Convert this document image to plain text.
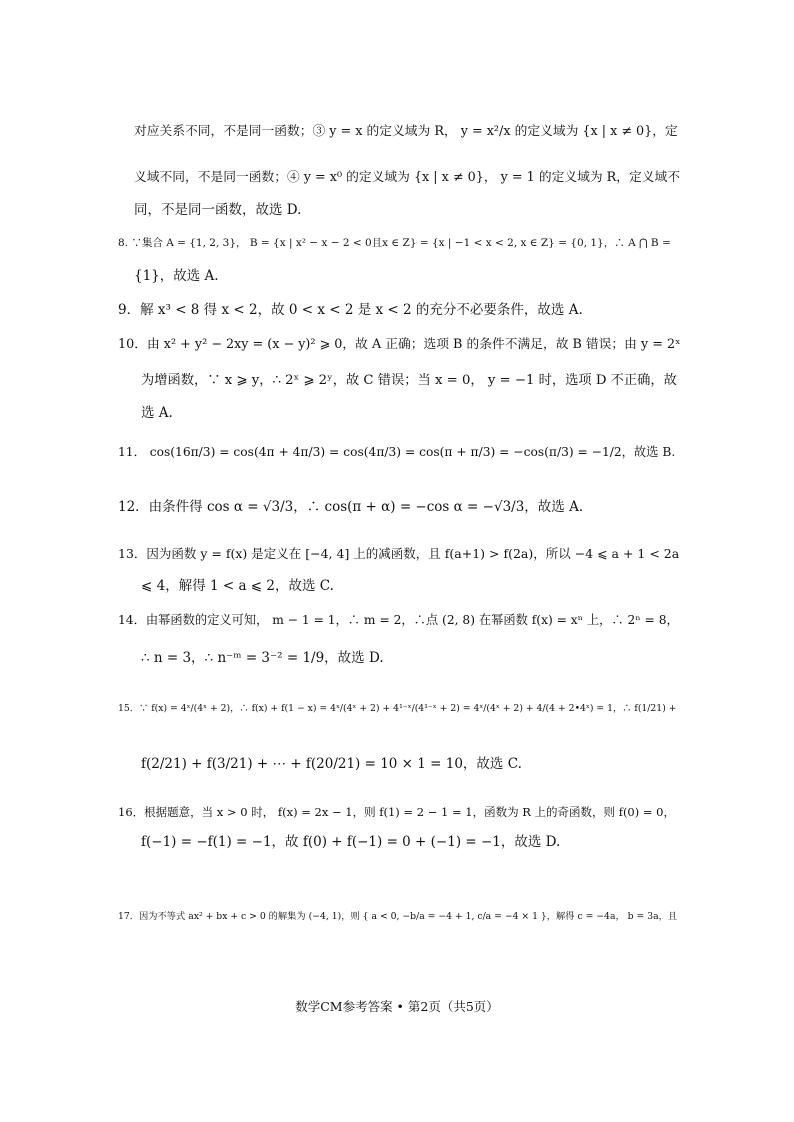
对应关系不同，不是同一函数；③ y = x 的定义域为 R， y = x²/x 的定义域为 {x | x ≠ 0}，定
义域不同，不是同一函数；④ y = x⁰ 的定义域为 {x | x ≠ 0}， y = 1 的定义域为 R，定义域不
同，不是同一函数，故选 D.
8. ∵集合 A = {1, 2, 3}， B = {x | x² − x − 2 < 0且x ∈ Z} = {x | −1 < x < 2, x ∈ Z} = {0, 1}，∴ A ⋂ B =
{1}，故选 A.
9．解 x³ < 8 得 x < 2，故 0 < x < 2 是 x < 2 的充分不必要条件，故选 A.
10．由 x² + y² − 2xy = (x − y)² ⩾ 0，故 A 正确；选项 B 的条件不满足，故 B 错误；由 y = 2ˣ
为增函数，∵ x ⩾ y，∴ 2ˣ ⩾ 2ʸ，故 C 错误；当 x = 0， y = −1 时，选项 D 不正确，故
选 A.
11． cos(16π/3) = cos(4π + 4π/3) = cos(4π/3) = cos(π + π/3) = −cos(π/3) = −1/2，故选 B.
12．由条件得 cos α = √3/3，∴ cos(π + α) = −cos α = −√3/3，故选 A.
13．因为函数 y = f(x) 是定义在 [−4, 4] 上的减函数，且 f(a+1) > f(2a)，所以 −4 ⩽ a + 1 < 2a
⩽ 4，解得 1 < a ⩽ 2，故选 C.
14．由幂函数的定义可知， m − 1 = 1，∴ m = 2，∴点 (2, 8) 在幂函数 f(x) = xⁿ 上，∴ 2ⁿ = 8，
∴ n = 3，∴ n⁻ᵐ = 3⁻² = 1/9，故选 D.
15．∵ f(x) = 4ˣ/(4ˣ + 2)，∴ f(x) + f(1 − x) = 4ˣ/(4ˣ + 2) + 4¹⁻ˣ/(4¹⁻ˣ + 2) = 4ˣ/(4ˣ + 2) + 4/(4 + 2•4ˣ) = 1，∴ f(1/21) +
f(2/21) + f(3/21) + ⋯ + f(20/21) = 10 × 1 = 10，故选 C.
16．根据题意，当 x > 0 时， f(x) = 2x − 1，则 f(1) = 2 − 1 = 1，函数为 R 上的奇函数，则 f(0) = 0，
f(−1) = −f(1) = −1，故 f(0) + f(−1) = 0 + (−1) = −1，故选 D.
17．因为不等式 ax² + bx + c > 0 的解集为 (−4, 1)，则 { a < 0, −b/a = −4 + 1, c/a = −4 × 1 }，解得 c = −4a， b = 3a，且
数学CM参考答案 • 第2页（共5页）
